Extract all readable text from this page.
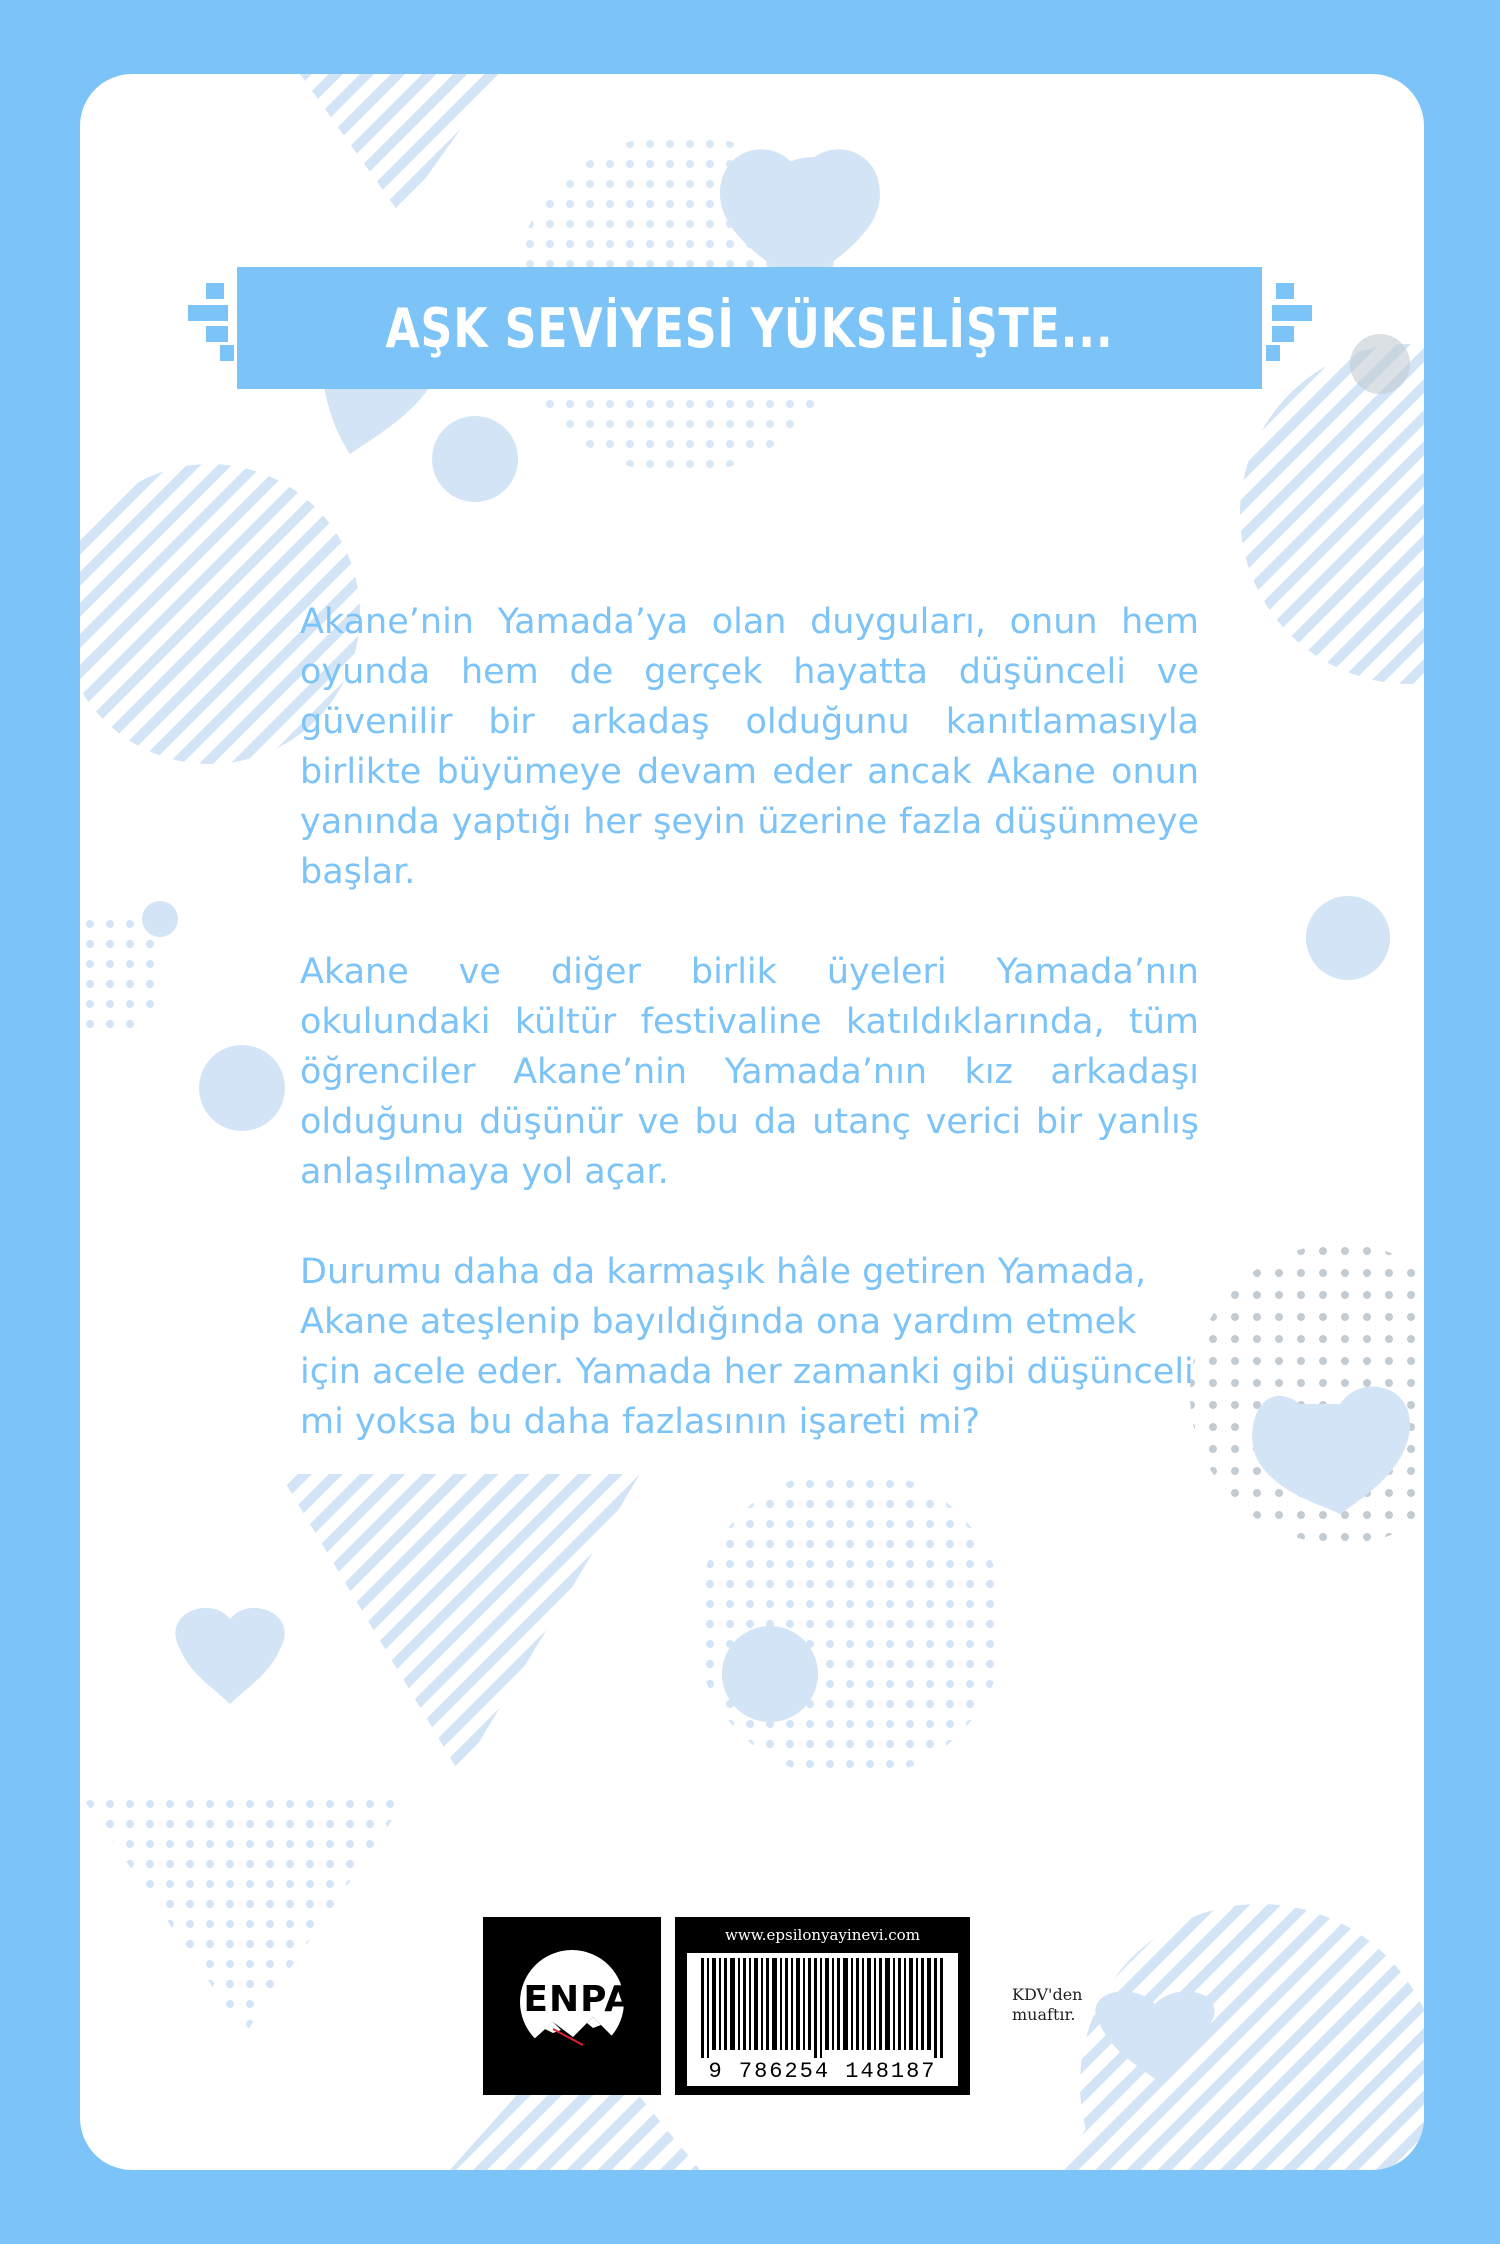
AŞK SEVİYESİ YÜKSELİŞTE...

Akane’nin Yamada’ya olan duyguları, onun hem oyunda hem de gerçek hayatta düşünceli ve güvenilir bir arkadaş olduğunu kanıtlamasıyla birlikte büyümeye devam eder ancak Akane onun yanında yaptığı her şeyin üzerine fazla düşünmeye başlar.

Akane ve diğer birlik üyeleri Yamada’nın okulundaki kültür festivaline katıldıklarında, tüm öğrenciler Akane’nin Yamada’nın kız arkadaşı olduğunu düşünür ve bu da utanç verici bir yanlış anlaşılmaya yol açar.

Durumu daha da karmaşık hâle getiren Yamada, Akane ateşlenip bayıldığında ona yardım etmek için acele eder. Yamada her zamanki gibi düşünceli mi yoksa bu daha fazlasının işareti mi?

SENPAI
www.epsilonyayinevi.com
9 786254 148187
KDV'den muaftır.
